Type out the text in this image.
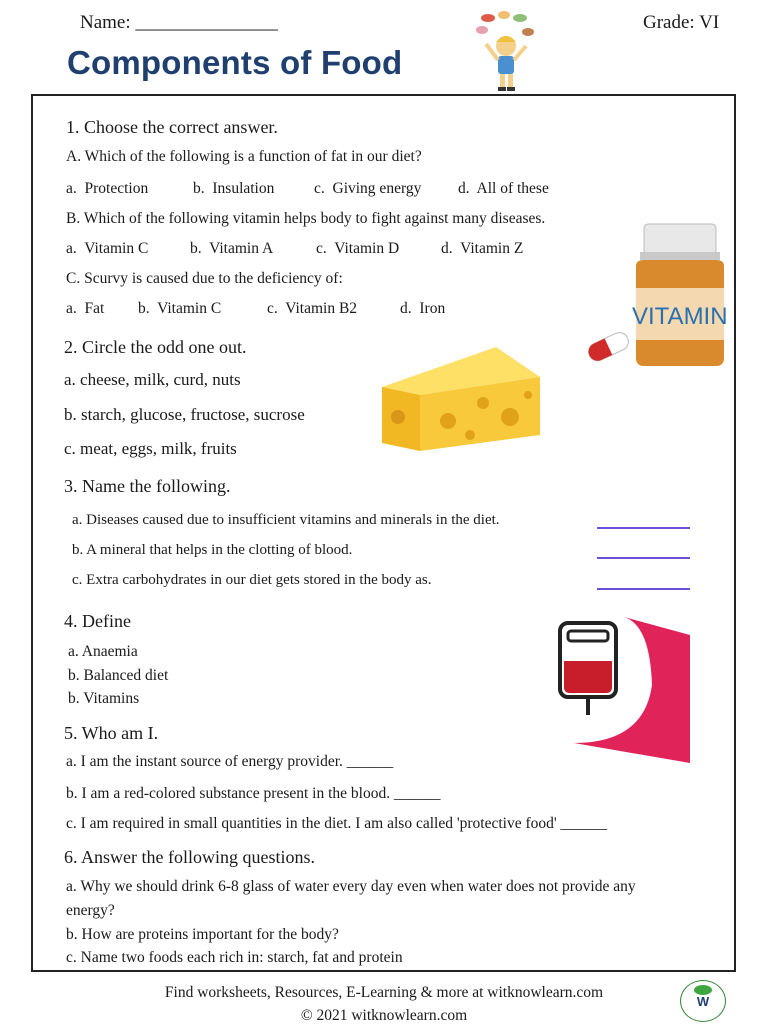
Name: _______________	Grade: VI
Components of Food
1. Choose the correct answer.
A. Which of the following is a function of fat in our diet?
a.  Protection	b.  Insulation	c.  Giving energy d.  All of these
B. Which of the following vitamin helps body to fight against many diseases.
a.  Vitamin C	b.  Vitamin A	c.  Vitamin D	d.  Vitamin Z
C. Scurvy is caused due to the deficiency of:
a.  Fat b.  Vitamin C	c.  Vitamin B2	d.  Iron	VITAMIN
2. Circle the odd one out.
a. cheese, milk, curd, nuts
b. starch, glucose, fructose, sucrose
c. meat, eggs, milk, fruits
3. Name the following.
a. Diseases caused due to insufficient vitamins and minerals in the diet.
b. A mineral that helps in the clotting of blood.
c. Extra carbohydrates in our diet gets stored in the body as.
4. Define
a. Anaemia
b. Balanced diet
b. Vitamins
5. Who am I.
a. I am the instant source of energy provider. ______
b. I am a red-colored substance present in the blood. ______
c. I am required in small quantities in the diet. I am also called 'protective food' ______
6. Answer the following questions.
a. Why we should drink 6-8 glass of water every day even when water does not provide any
energy?
b. How are proteins important for the body?
c. Name two foods each rich in: starch, fat and protein
Find worksheets, Resources, E-Learning & more at witknowlearn.com
© 2021 witknowlearn.com
W
